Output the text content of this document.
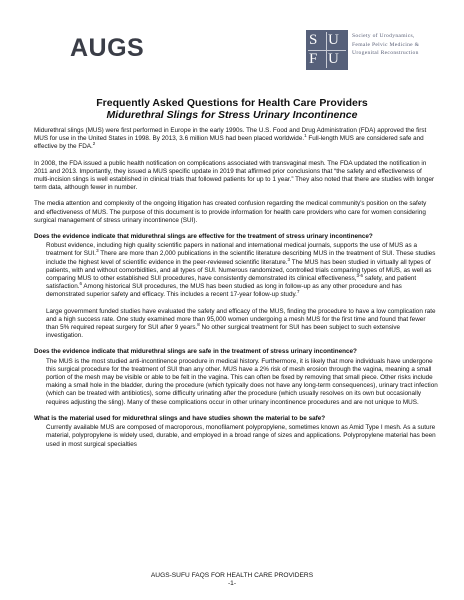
AUGS	S U
F U
Society of Urodynamics,
Female Pelvic Medicine &
Urogenital Reconstruction
Frequently Asked Questions for Health Care Providers
Midurethral Slings for Stress Urinary Incontinence

Midurethral slings (MUS) were first performed in Europe in the early 1990s. The U.S. Food and Drug Administration (FDA) approved the first MUS for use in the United States in 1998. By 2013, 3.6 million MUS had been placed worldwide.$^1$ Full-length MUS are considered safe and effective by the FDA.$^2$

In 2008, the FDA issued a public health notification on complications associated with transvaginal mesh. The FDA updated the notification in 2011 and 2013. Importantly, they issued a MUS specific update in 2019 that affirmed prior conclusions that “the safety and effectiveness of multi-incision slings is well established in clinical trials that followed patients for up to 1 year.” They also noted that there are studies with longer term data, although fewer in number.

The media attention and complexity of the ongoing litigation has created confusion regarding the medical community's position on the safety and effectiveness of MUS. The purpose of this document is to provide information for health care providers who care for women considering surgical management of stress urinary incontinence (SUI).

Does the evidence indicate that midurethral slings are effective for the treatment of stress urinary incontinence?

Robust evidence, including high quality scientific papers in national and international medical journals, supports the use of MUS as a treatment for SUI.$^3$ There are more than 2,000 publications in the scientific literature describing MUS in the treatment of SUI. These studies include the highest level of scientific evidence in the peer-reviewed scientific literature.$^3$ The MUS has been studied in virtually all types of patients, with and without comorbidities, and all types of SUI. Numerous randomized, controlled trials comparing types of MUS, as well as comparing MUS to other established SUI procedures, have consistently demonstrated its clinical effectiveness,$^{3-6}$ safety, and patient satisfaction.$^6$ Among historical SUI procedures, the MUS has been studied as long in follow-up as any other procedure and has demonstrated superior safety and efficacy. This includes a recent 17-year follow-up study.$^7$

Large government funded studies have evaluated the safety and efficacy of the MUS, finding the procedure to have a low complication rate and a high success rate. One study examined more than 95,000 women undergoing a mesh MUS for the first time and found that fewer than 5% required repeat surgery for SUI after 9 years.$^8$ No other surgical treatment for SUI has been subject to such extensive investigation.

Does the evidence indicate that midurethral slings are safe in the treatment of stress urinary incontinence?

The MUS is the most studied anti-incontinence procedure in medical history. Furthermore, it is likely that more individuals have undergone this surgical procedure for the treatment of SUI than any other. MUS have a 2% risk of mesh erosion through the vagina, meaning a small portion of the mesh may be visible or able to be felt in the vagina. This can often be fixed by removing that small piece. Other risks include making a small hole in the bladder, during the procedure (which typically does not have any long-term consequences), urinary tract infection (which can be treated with antibiotics), some difficulty urinating after the procedure (which usually resolves on its own but occasionally requires adjusting the sling). Many of these complications occur in other urinary incontinence procedures and are not unique to MUS.

What is the material used for midurethral slings and have studies shown the material to be safe?

Currently available MUS are composed of macroporous, monofilament polypropylene, sometimes known as Amid Type I mesh. As a suture material, polypropylene is widely used, durable, and employed in a broad range of sizes and applications. Polypropylene material has been used in most surgical specialties

AUGS-SUFU FAQS FOR HEALTH CARE PROVIDERS
-1-
